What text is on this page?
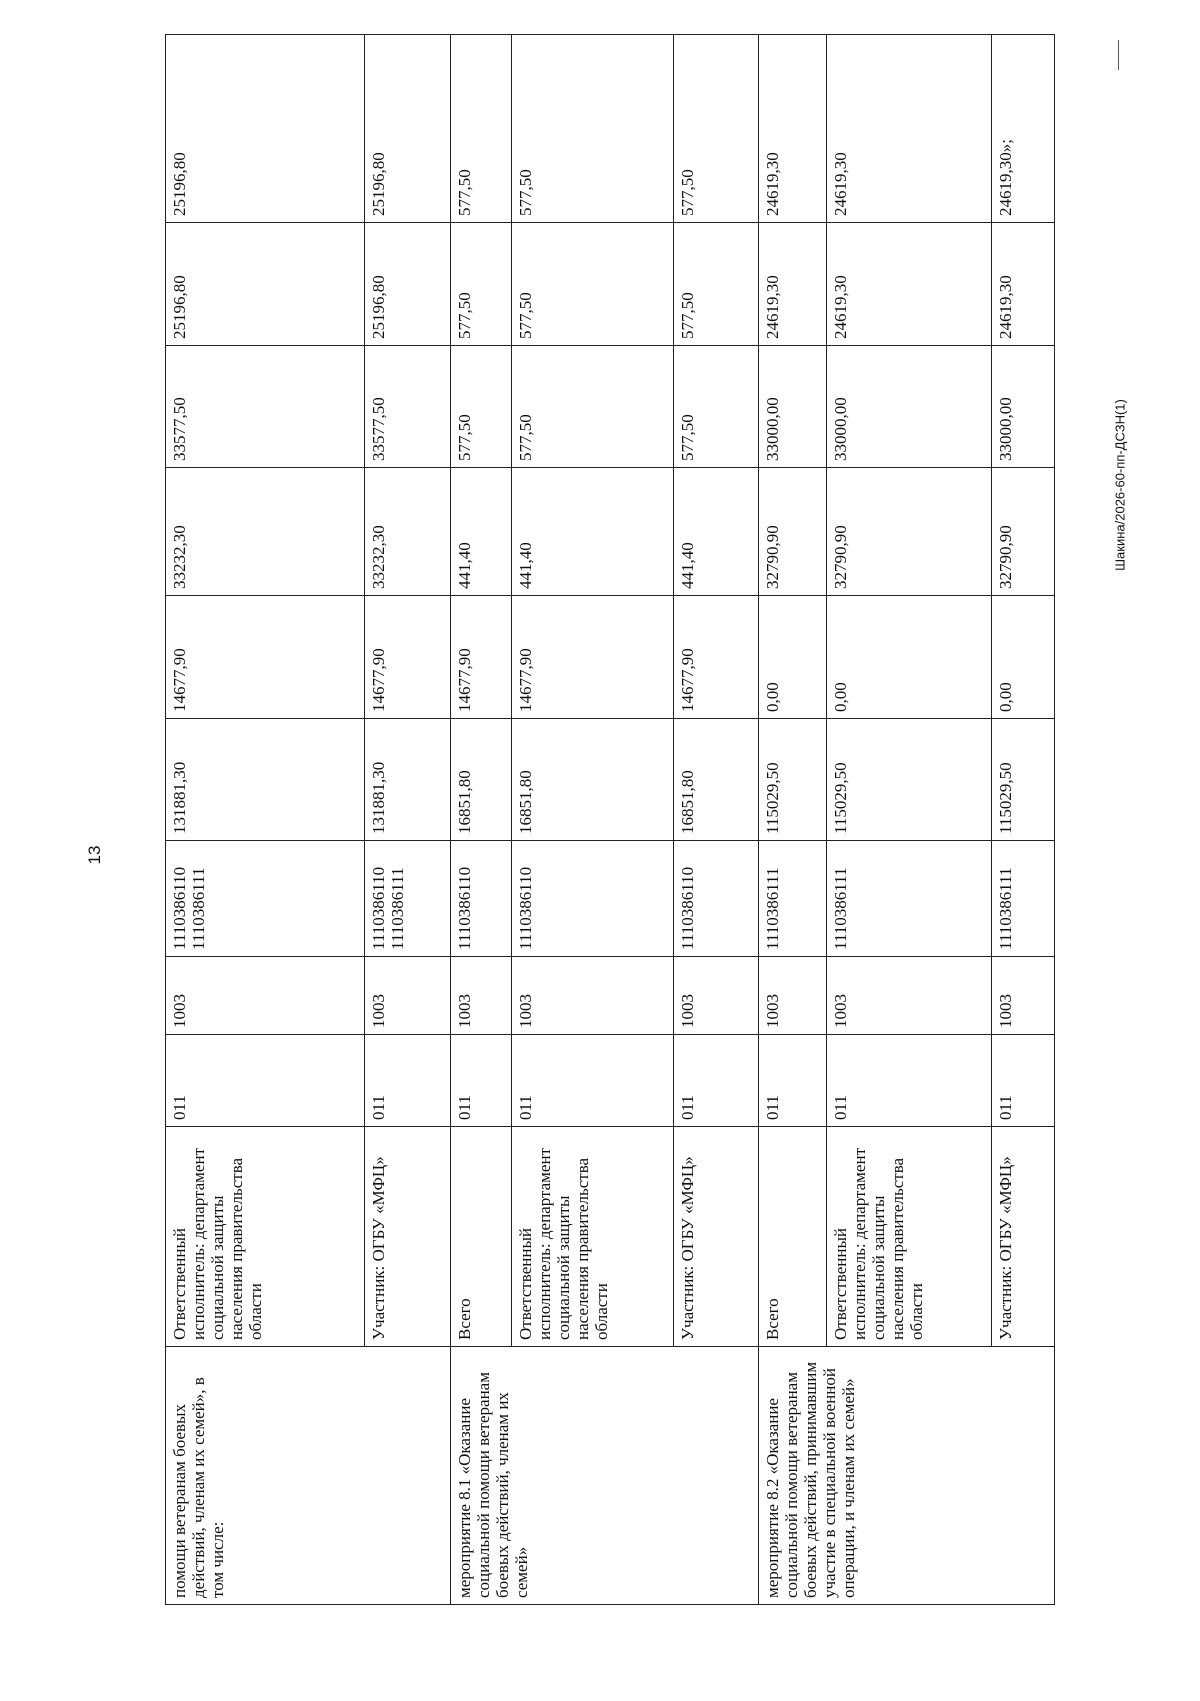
13
Шакина/2026-60-пп-ДСЗН(1)
помощи ветеранам боевых действий, членам их семей», в том числе:	Ответственный исполнитель: департамент социальной защиты населения правительства области	011	1003	1110386110 1110386111	131881,30	14677,90	33232,30	33577,50	25196,80	25196,80
	Участник: ОГБУ «МФЦ»	011	1003	1110386110 1110386111	131881,30	14677,90	33232,30	33577,50	25196,80	25196,80
мероприятие 8.1 «Оказание социальной помощи ветеранам боевых действий, членам их семей»	Всего	011	1003	1110386110	16851,80	14677,90	441,40	577,50	577,50	577,50
	Ответственный исполнитель: департамент социальной защиты населения правительства области	011	1003	1110386110	16851,80	14677,90	441,40	577,50	577,50	577,50
	Участник: ОГБУ «МФЦ»	011	1003	1110386110	16851,80	14677,90	441,40	577,50	577,50	577,50
мероприятие 8.2 «Оказание социальной помощи ветеранам боевых действий, принимавшим участие в специальной военной операции, и членам их семей»	Всего	011	1003	1110386111	115029,50	0,00	32790,90	33000,00	24619,30	24619,30
	Ответственный исполнитель: департамент социальной защиты населения правительства области	011	1003	1110386111	115029,50	0,00	32790,90	33000,00	24619,30	24619,30
	Участник: ОГБУ «МФЦ»	011	1003	1110386111	115029,50	0,00	32790,90	33000,00	24619,30	24619,30»;
